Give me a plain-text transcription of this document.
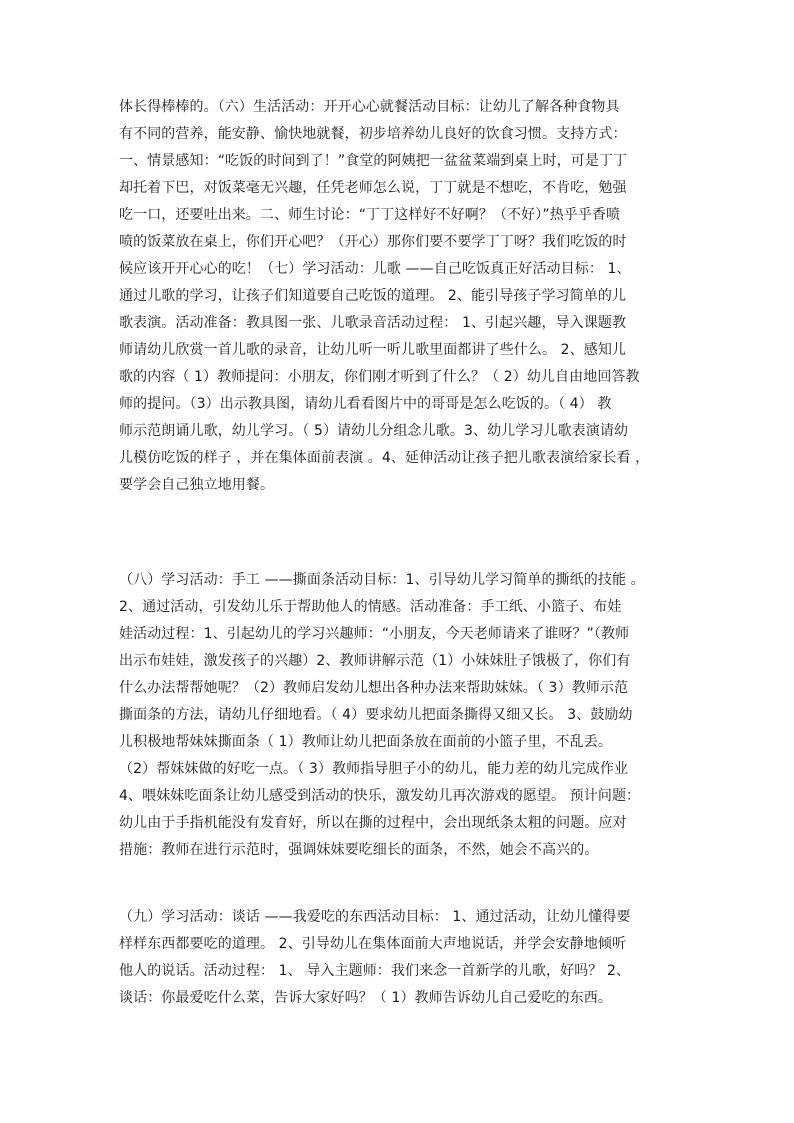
体长得棒棒的。（六）生活活动：开开心心就餐活动目标：让幼儿了解各种食物具
有不同的营养，能安静、愉快地就餐，初步培养幼儿良好的饮食习惯。支持方式：
一、情景感知：“吃饭的时间到了！”食堂的阿姨把一盆盆菜端到桌上时，可是丁丁
却托着下巴，对饭菜毫无兴趣，任凭老师怎么说，丁丁就是不想吃，不肯吃，勉强
吃一口，还要吐出来。二、师生讨论：“丁丁这样好不好啊？（不好）”热乎乎香喷
喷的饭菜放在桌上，你们开心吧？（开心）那你们要不要学丁丁呀？我们吃饭的时
候应该开开心心的吃！（七）学习活动：儿歌 ——自己吃饭真正好活动目标： 1、
通过儿歌的学习，让孩子们知道要自己吃饭的道理。 2、能引导孩子学习简单的儿
歌表演。活动准备：教具图一张、儿歌录音活动过程： 1、引起兴趣，导入课题教
师请幼儿欣赏一首儿歌的录音，让幼儿听一听儿歌里面都讲了些什么。 2、感知儿
歌的内容（ 1）教师提问：小朋友，你们刚才听到了什么？（ 2）幼儿自由地回答教
师的提问。（3）出示教具图，请幼儿看看图片中的哥哥是怎么吃饭的。（ 4） 教
师示范朗诵儿歌，幼儿学习。（ 5）请幼儿分组念儿歌。3、幼儿学习儿歌表演请幼
儿模仿吃饭的样子 ，并在集体面前表演 。4、延伸活动让孩子把儿歌表演给家长看 ，
要学会自己独立地用餐。
（八）学习活动：手工 ——撕面条活动目标：1、引导幼儿学习简单的撕纸的技能 。
2、通过活动，引发幼儿乐于帮助他人的情感。活动准备：手工纸、小篮子、布娃
娃活动过程：1、引起幼儿的学习兴趣师：“小朋友，今天老师请来了谁呀？”（教师
出示布娃娃，激发孩子的兴趣）2、教师讲解示范（1）小妹妹肚子饿极了，你们有
什么办法帮帮她呢？（2）教师启发幼儿想出各种办法来帮助妹妹。（ 3）教师示范
撕面条的方法，请幼儿仔细地看。（ 4）要求幼儿把面条撕得又细又长。 3、鼓励幼
儿积极地帮妹妹撕面条（ 1）教师让幼儿把面条放在面前的小篮子里，不乱丢。
（2）帮妹妹做的好吃一点。（ 3）教师指导胆子小的幼儿，能力差的幼儿完成作业
4、喂妹妹吃面条让幼儿感受到活动的快乐，激发幼儿再次游戏的愿望。 预计问题：
幼儿由于手指机能没有发育好，所以在撕的过程中，会出现纸条太粗的问题。应对
措施：教师在进行示范时，强调妹妹要吃细长的面条，不然，她会不高兴的。
（九）学习活动：谈话 ——我爱吃的东西活动目标： 1、通过活动，让幼儿懂得要
样样东西都要吃的道理。 2、引导幼儿在集体面前大声地说话，并学会安静地倾听
他人的说话。活动过程： 1、 导入主题师：我们来念一首新学的儿歌，好吗？ 2、
谈话：你最爱吃什么菜，告诉大家好吗？（ 1）教师告诉幼儿自己爱吃的东西。
